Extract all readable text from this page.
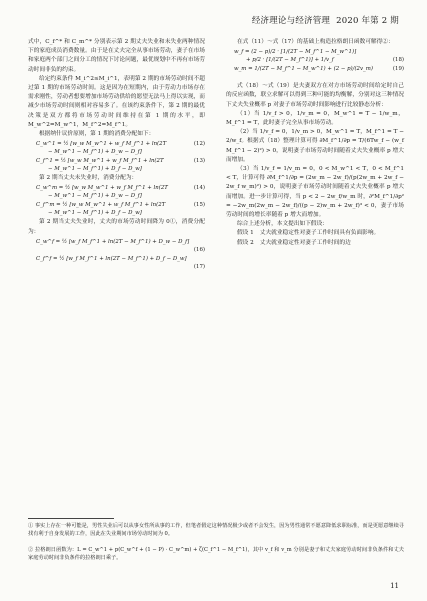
经济理论与经济管理 2020 年第 2 期

式中，C_f^* 和 C_m^* 分别表示第 2 期丈夫失业和未失业两种情况下的家庭成员消费数量。由于是在丈夫完全从事市场劳动，妻子在市场和家庭两个部门之间分工的情况下讨论问题，最优规划中不再有市场劳动时间非负的约束。

给定约束条件 M_i^2≤M_i^1，表明第 2 期的市场劳动时间不超过第 1 期的市场劳动时间。这是因为在短期内，由于劳动力市场存在需求刚性，劳动者想要增加市场劳动供给的愿望无法马上得以实现，而减少市场劳动时间则相对容易多了。在该约束条件下，第 2 期的最优决策是双方都将市场劳动时间维持在第 1 期的水平，即 M_w^2=M_w^1，M_f^2=M_f^1。

根据纳什议价原则，第 1 期的消费分配如下：

C_w^1 = ½ [w_w M_w^1 + w_f M_f^1 + ln(2T
− M_w^1 − M_f^1) + D_w − D_f]
(12)
C_f^1 = ½ [w_w M_w^1 + w_f M_f^1 + ln(2T
− M_w^1 − M_f^1) + D_f − D_w]
(13)

第 2 期当丈夫未失业时，消费分配为：

C_w^m = ½ [w_w M_w^1 + w_f M_f^1 + ln(2T
− M_w^1 − M_f^1) + D_w − D_f]
(14)
C_f^m = ½ [w_w M_w^1 + w_f M_f^1 + ln(2T
− M_w^1 − M_f^1) + D_f − D_w]
(15)

第 2 期当丈夫失业时，丈夫的市场劳动时间降为 0①，消费分配为：

C_w^f = ½ [w_f M_f^1 + ln(2T − M_f^1) + D_w − D_f]
(16)
C_f^f = ½ [w_f M_f^1 + ln(2T − M_f^1) + D_f − D_w]
(17)

在式（11）～式（17）的基础上构造拉格朗日函数可解得②：

w_f = (2 − p)/2 · [1/(2T − M_f^1 − M_w^1)]
+ p/2 · [1/(2T − M_f^1)] + 1/v_f	(18)
w_m = 1/(2T − M_f^1 − M_w^1) + (2 − p)/(2v_m)	(19)

式（18）～式（19）是夫妻双方在对方市场劳动时间给定时自己的反应函数，联立求解可以得到三种可能的均衡解，分别对这三种情况下丈夫失业概率 p 对妻子市场劳动时间影响进行比较静态分析：

（1）当 1/v_f > 0，1/v_m = 0，M_w^1 = T − 1/w_m，M_f^1 = T，此时妻子完全从事市场劳动。

（2）当 1/v_f = 0，1/v_m > 0，M_w^1 = T，M_f^1 = T − 2/w_f。根据式（18）整理计算可得 ∂M_f^1/∂p = T/(6Tw_f − (w_f M_f^1 − 2)²) > 0，说明妻子市场劳动时间随着丈夫失业概率 p 增大而增加。

（3）当 1/v_f = 1/v_m = 0，0 < M_w^1 < T，0 < M_f^1 < T，计算可得 ∂M_f^1/∂p = (2w_m − 2w_f)/(p(2w_m + 2w_f − 2w_f w_m)²) > 0，说明妻子市场劳动时间随着丈夫失业概率 p 增大而增加。进一步计算可得，当 p < 2 − 2w_f/w_m 时，∂²M_f^1/∂p² = −2w_m(2w_m − 2w_f)/((p − 2)w_m + 2w_f)³ < 0，妻子市场劳动时间的增长率随着 p 增大而增加。

综合上述分析，本文提出如下假设：

假设 1 丈夫就业稳定性对妻子工作时间具有负面影响。

假设 2 丈夫就业稳定性对妻子工作时间的边

① 事实上存在一种可能是，男性失业后可以从事女性所从事的工作，但笔者假定这种情况极少或者不会发生，因为男性通常不愿意降低求职标准，而是更愿意继续寻找有利于自身发展的工作，因此在失业期间市场劳动时间为 0。
② 拉格朗日函数为：L = C_w^1 + p(C_w^f + (1 − P) · C_w^m) + ζ(C_f^1 − M_f^1)，其中 v_f 和 v_m 分别是妻子和丈夫家庭劳动时间非负条件和丈夫家庭劳动时间非负条件的拉格朗日乘子。
11
